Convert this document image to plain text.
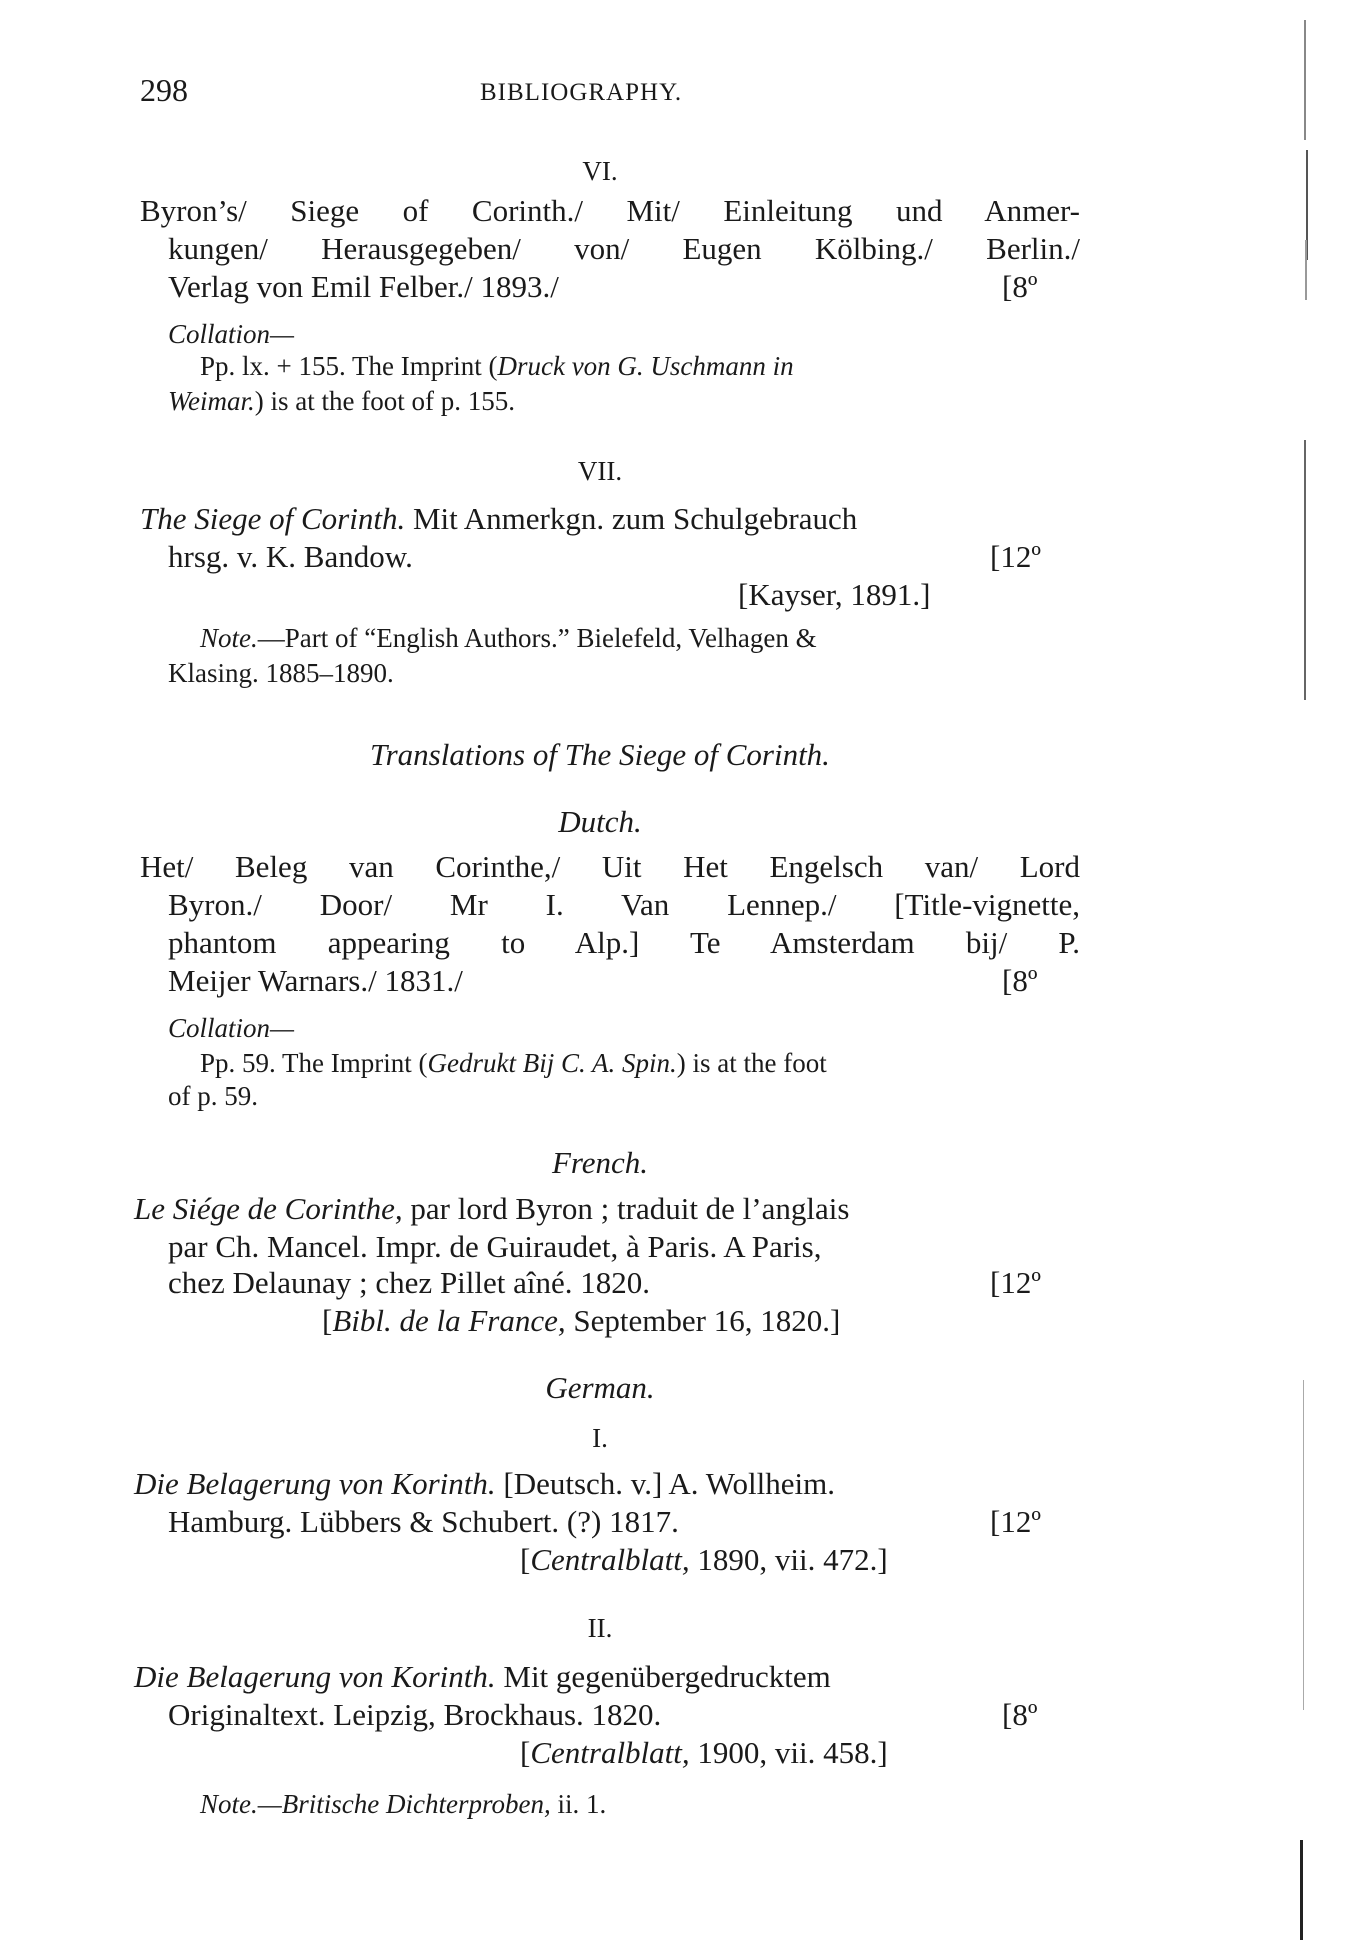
298	BIBLIOGRAPHY.
VI.
Byron’s/ Siege of Corinth./ Mit/ Einleitung und Anmer-
kungen/ Herausgegeben/ von/ Eugen Kölbing./ Berlin./
Verlag von Emil Felber./ 1893./	[8º
Collation—
Pp. lx. + 155. The Imprint (Druck von G. Uschmann in
Weimar.) is at the foot of p. 155.
VII.
The Siege of Corinth. Mit Anmerkgn. zum Schulgebrauch
hrsg. v. K. Bandow.	[12º
[Kayser, 1891.]
Note.—Part of “English Authors.” Bielefeld, Velhagen &
Klasing. 1885–1890.
Translations of The Siege of Corinth.
Dutch.
Het/ Beleg van Corinthe,/ Uit Het Engelsch van/ Lord
Byron./ Door/ Mr I. Van Lennep./ [Title-vignette,
phantom appearing to Alp.] Te Amsterdam bij/ P.
Meijer Warnars./ 1831./	[8º
Collation—
Pp. 59. The Imprint (Gedrukt Bij C. A. Spin.) is at the foot
of p. 59.
French.
Le Siége de Corinthe, par lord Byron ; traduit de l’anglais
par Ch. Mancel. Impr. de Guiraudet, à Paris. A Paris,
chez Delaunay ; chez Pillet aîné. 1820.	[12º
[Bibl. de la France, September 16, 1820.]
German.
I.
Die Belagerung von Korinth. [Deutsch. v.] A. Wollheim.
Hamburg. Lübbers & Schubert. (?) 1817.	[12º
[Centralblatt, 1890, vii. 472.]
II.
Die Belagerung von Korinth. Mit gegenübergedrucktem
Originaltext. Leipzig, Brockhaus. 1820.	[8º
[Centralblatt, 1900, vii. 458.]
Note.—Britische Dichterproben, ii. 1.
